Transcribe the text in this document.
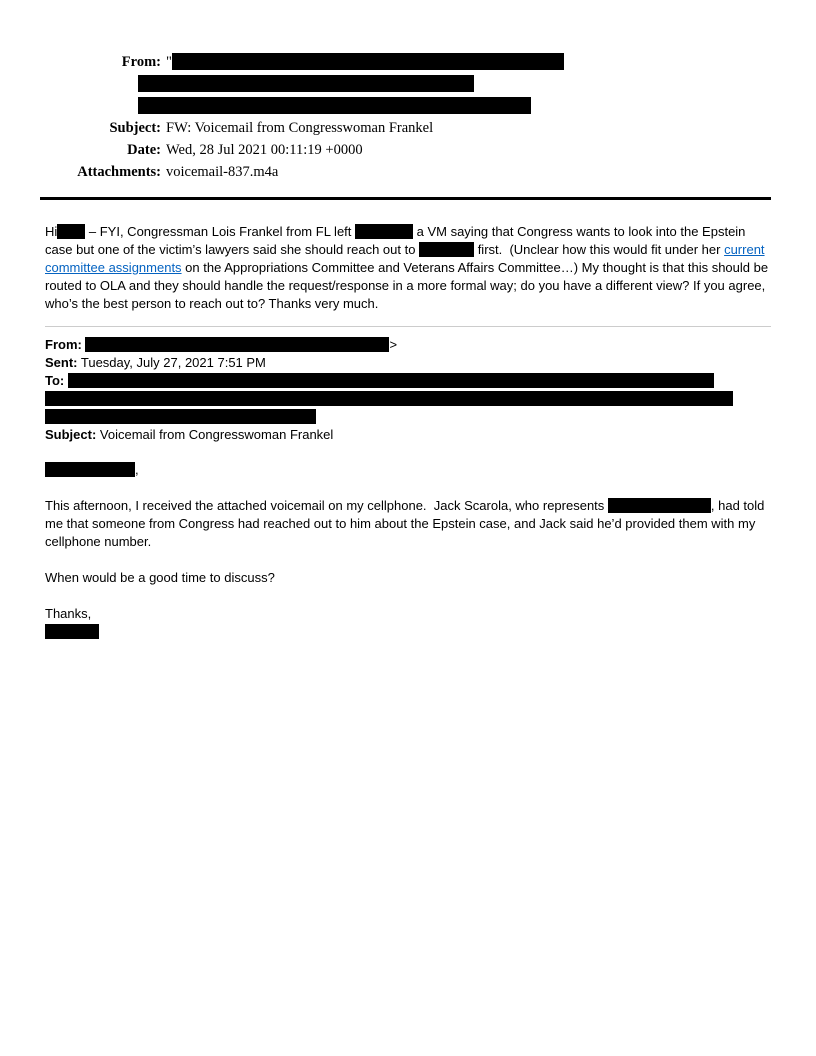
From: "
Subject: FW: Voicemail from Congresswoman Frankel
Date: Wed, 28 Jul 2021 00:11:19 +0000
Attachments: voicemail-837.m4a

Hi – FYI, Congressman Lois Frankel from FL left	a VM saying that Congress wants to look into the Epstein case but one of the victim’s lawyers said she should reach out to	first.  (Unclear how this would fit under her current committee assignments on the Appropriations Committee and Veterans Affairs Committee…) My thought is that this should be routed to OLA and they should handle the request/response in a more formal way; do you have a different view? If you agree, who’s the best person to reach out to? Thanks very much.

From:	>

Sent: Tuesday, July 27, 2021 7:51 PM

To:

Subject: Voicemail from Congresswoman Frankel

,

This afternoon, I received the attached voicemail on my cellphone.  Jack Scarola, who represents	, had told me that someone from Congress had reached out to him about the Epstein case, and Jack said he’d provided them with my cellphone number.

When would be a good time to discuss?

Thanks,
